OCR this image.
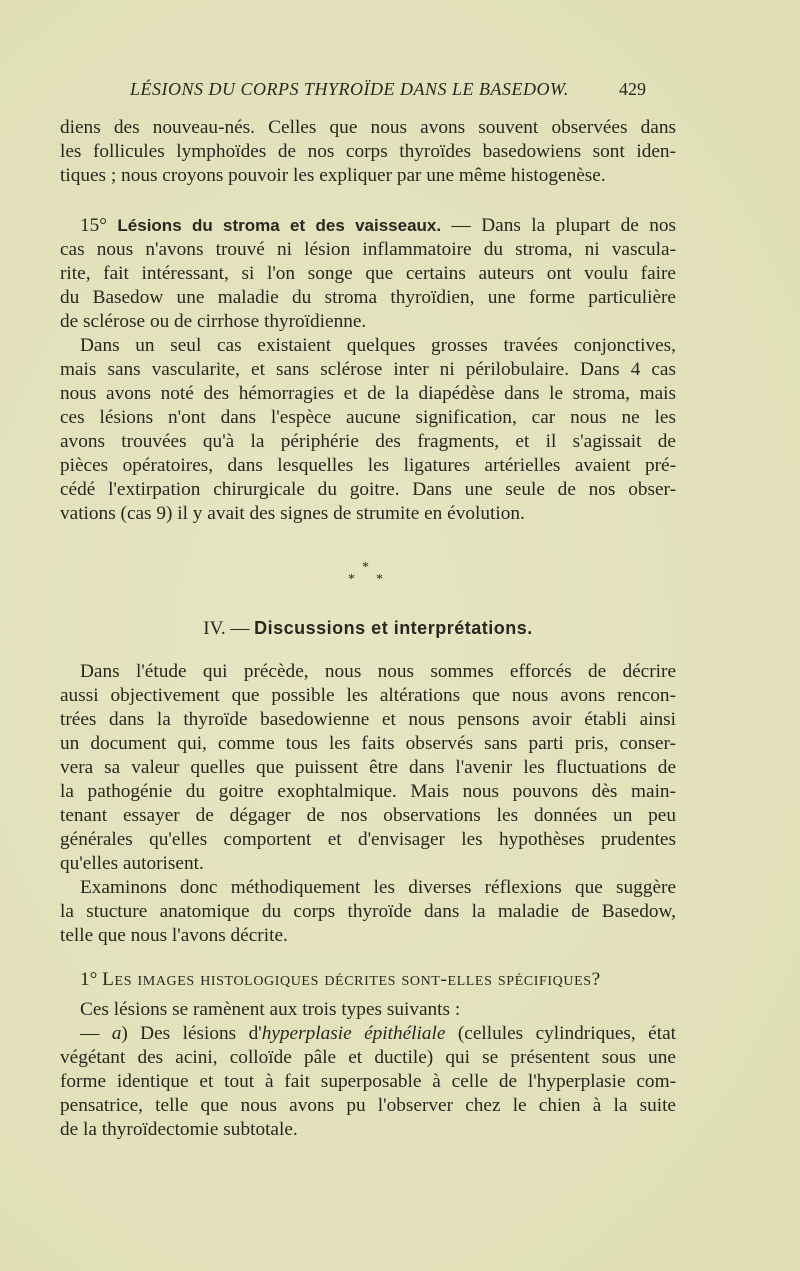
LÉSIONS DU CORPS THYROÏDE DANS LE BASEDOW.	429
diens des nouveau-nés. Celles que nous avons souvent observées dans
les follicules lymphoïdes de nos corps thyroïdes basedowiens sont iden-
tiques ; nous croyons pouvoir les expliquer par une même histogenèse.
15° Lésions du stroma et des vaisseaux. — Dans la plupart de nos
cas nous n'avons trouvé ni lésion inflammatoire du stroma, ni vascula-
rite, fait intéressant, si l'on songe que certains auteurs ont voulu faire
du Basedow une maladie du stroma thyroïdien, une forme particulière
de sclérose ou de cirrhose thyroïdienne.
Dans un seul cas existaient quelques grosses travées conjonctives,
mais sans vascularite, et sans sclérose inter ni périlobulaire. Dans 4 cas
nous avons noté des hémorragies et de la diapédèse dans le stroma, mais
ces lésions n'ont dans l'espèce aucune signification, car nous ne les
avons trouvées qu'à la périphérie des fragments, et il s'agissait de
pièces opératoires, dans lesquelles les ligatures artérielles avaient pré-
cédé l'extirpation chirurgicale du goitre. Dans une seule de nos obser-
vations (cas 9) il y avait des signes de strumite en évolution.
*
* *
IV. — Discussions et interprétations.
Dans l'étude qui précède, nous nous sommes efforcés de décrire
aussi objectivement que possible les altérations que nous avons rencon-
trées dans la thyroïde basedowienne et nous pensons avoir établi ainsi
un document qui, comme tous les faits observés sans parti pris, conser-
vera sa valeur quelles que puissent être dans l'avenir les fluctuations de
la pathogénie du goitre exophtalmique. Mais nous pouvons dès main-
tenant essayer de dégager de nos observations les données un peu
générales qu'elles comportent et d'envisager les hypothèses prudentes
qu'elles autorisent.
Examinons donc méthodiquement les diverses réflexions que suggère
la stucture anatomique du corps thyroïde dans la maladie de Basedow,
telle que nous l'avons décrite.
1° Les images histologiques décrites sont-elles spécifiques?
Ces lésions se ramènent aux trois types suivants :
— a) Des lésions d'hyperplasie épithéliale (cellules cylindriques, état
végétant des acini, colloïde pâle et ductile) qui se présentent sous une
forme identique et tout à fait superposable à celle de l'hyperplasie com-
pensatrice, telle que nous avons pu l'observer chez le chien à la suite
de la thyroïdectomie subtotale.
